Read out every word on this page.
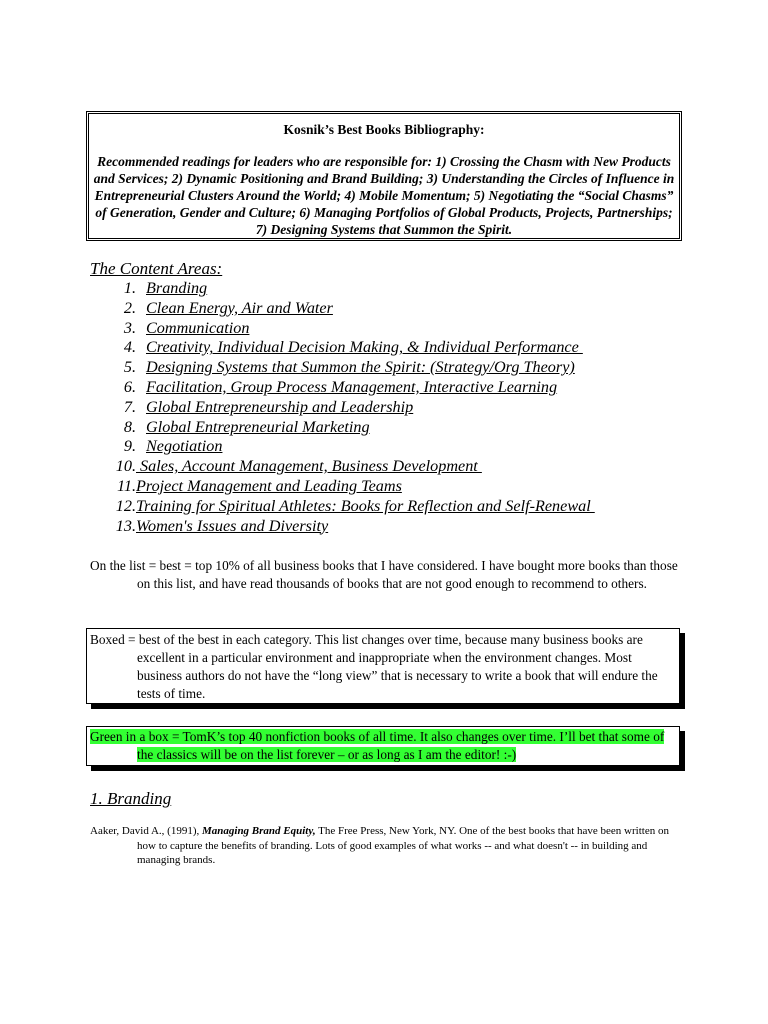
Kosnik’s Best Books Bibliography:
Recommended readings for leaders who are responsible for: 1) Crossing the Chasm with New Products and Services; 2) Dynamic Positioning and Brand Building; 3) Understanding the Circles of Influence in Entrepreneurial Clusters Around the World; 4) Mobile Momentum; 5) Negotiating the “Social Chasms” of Generation, Gender and Culture; 6) Managing Portfolios of Global Products, Projects, Partnerships; 7) Designing Systems that Summon the Spirit.
The Content Areas:
1. Branding
2. Clean Energy, Air and Water
3. Communication
4. Creativity, Individual Decision Making, & Individual Performance
5. Designing Systems that Summon the Spirit: (Strategy/Org Theory)
6. Facilitation, Group Process Management, Interactive Learning
7. Global Entrepreneurship and Leadership
8. Global Entrepreneurial Marketing
9. Negotiation
10. Sales, Account Management, Business Development
11. Project Management and Leading Teams
12. Training for Spiritual Athletes: Books for Reflection and Self-Renewal
13. Women's Issues and Diversity
On the list = best = top 10% of all business books that I have considered. I have bought more books than those on this list, and have read thousands of books that are not good enough to recommend to others.
Boxed = best of the best in each category. This list changes over time, because many business books are excellent in a particular environment and inappropriate when the environment changes. Most business authors do not have the “long view” that is necessary to write a book that will endure the tests of time.
Green in a box = TomK’s top 40 nonfiction books of all time. It also changes over time. I’ll bet that some of the classics will be on the list forever – or as long as I am the editor! :-)
1. Branding
Aaker, David A., (1991), Managing Brand Equity, The Free Press, New York, NY. One of the best books that have been written on how to capture the benefits of branding. Lots of good examples of what works -- and what doesn't -- in building and managing brands.
